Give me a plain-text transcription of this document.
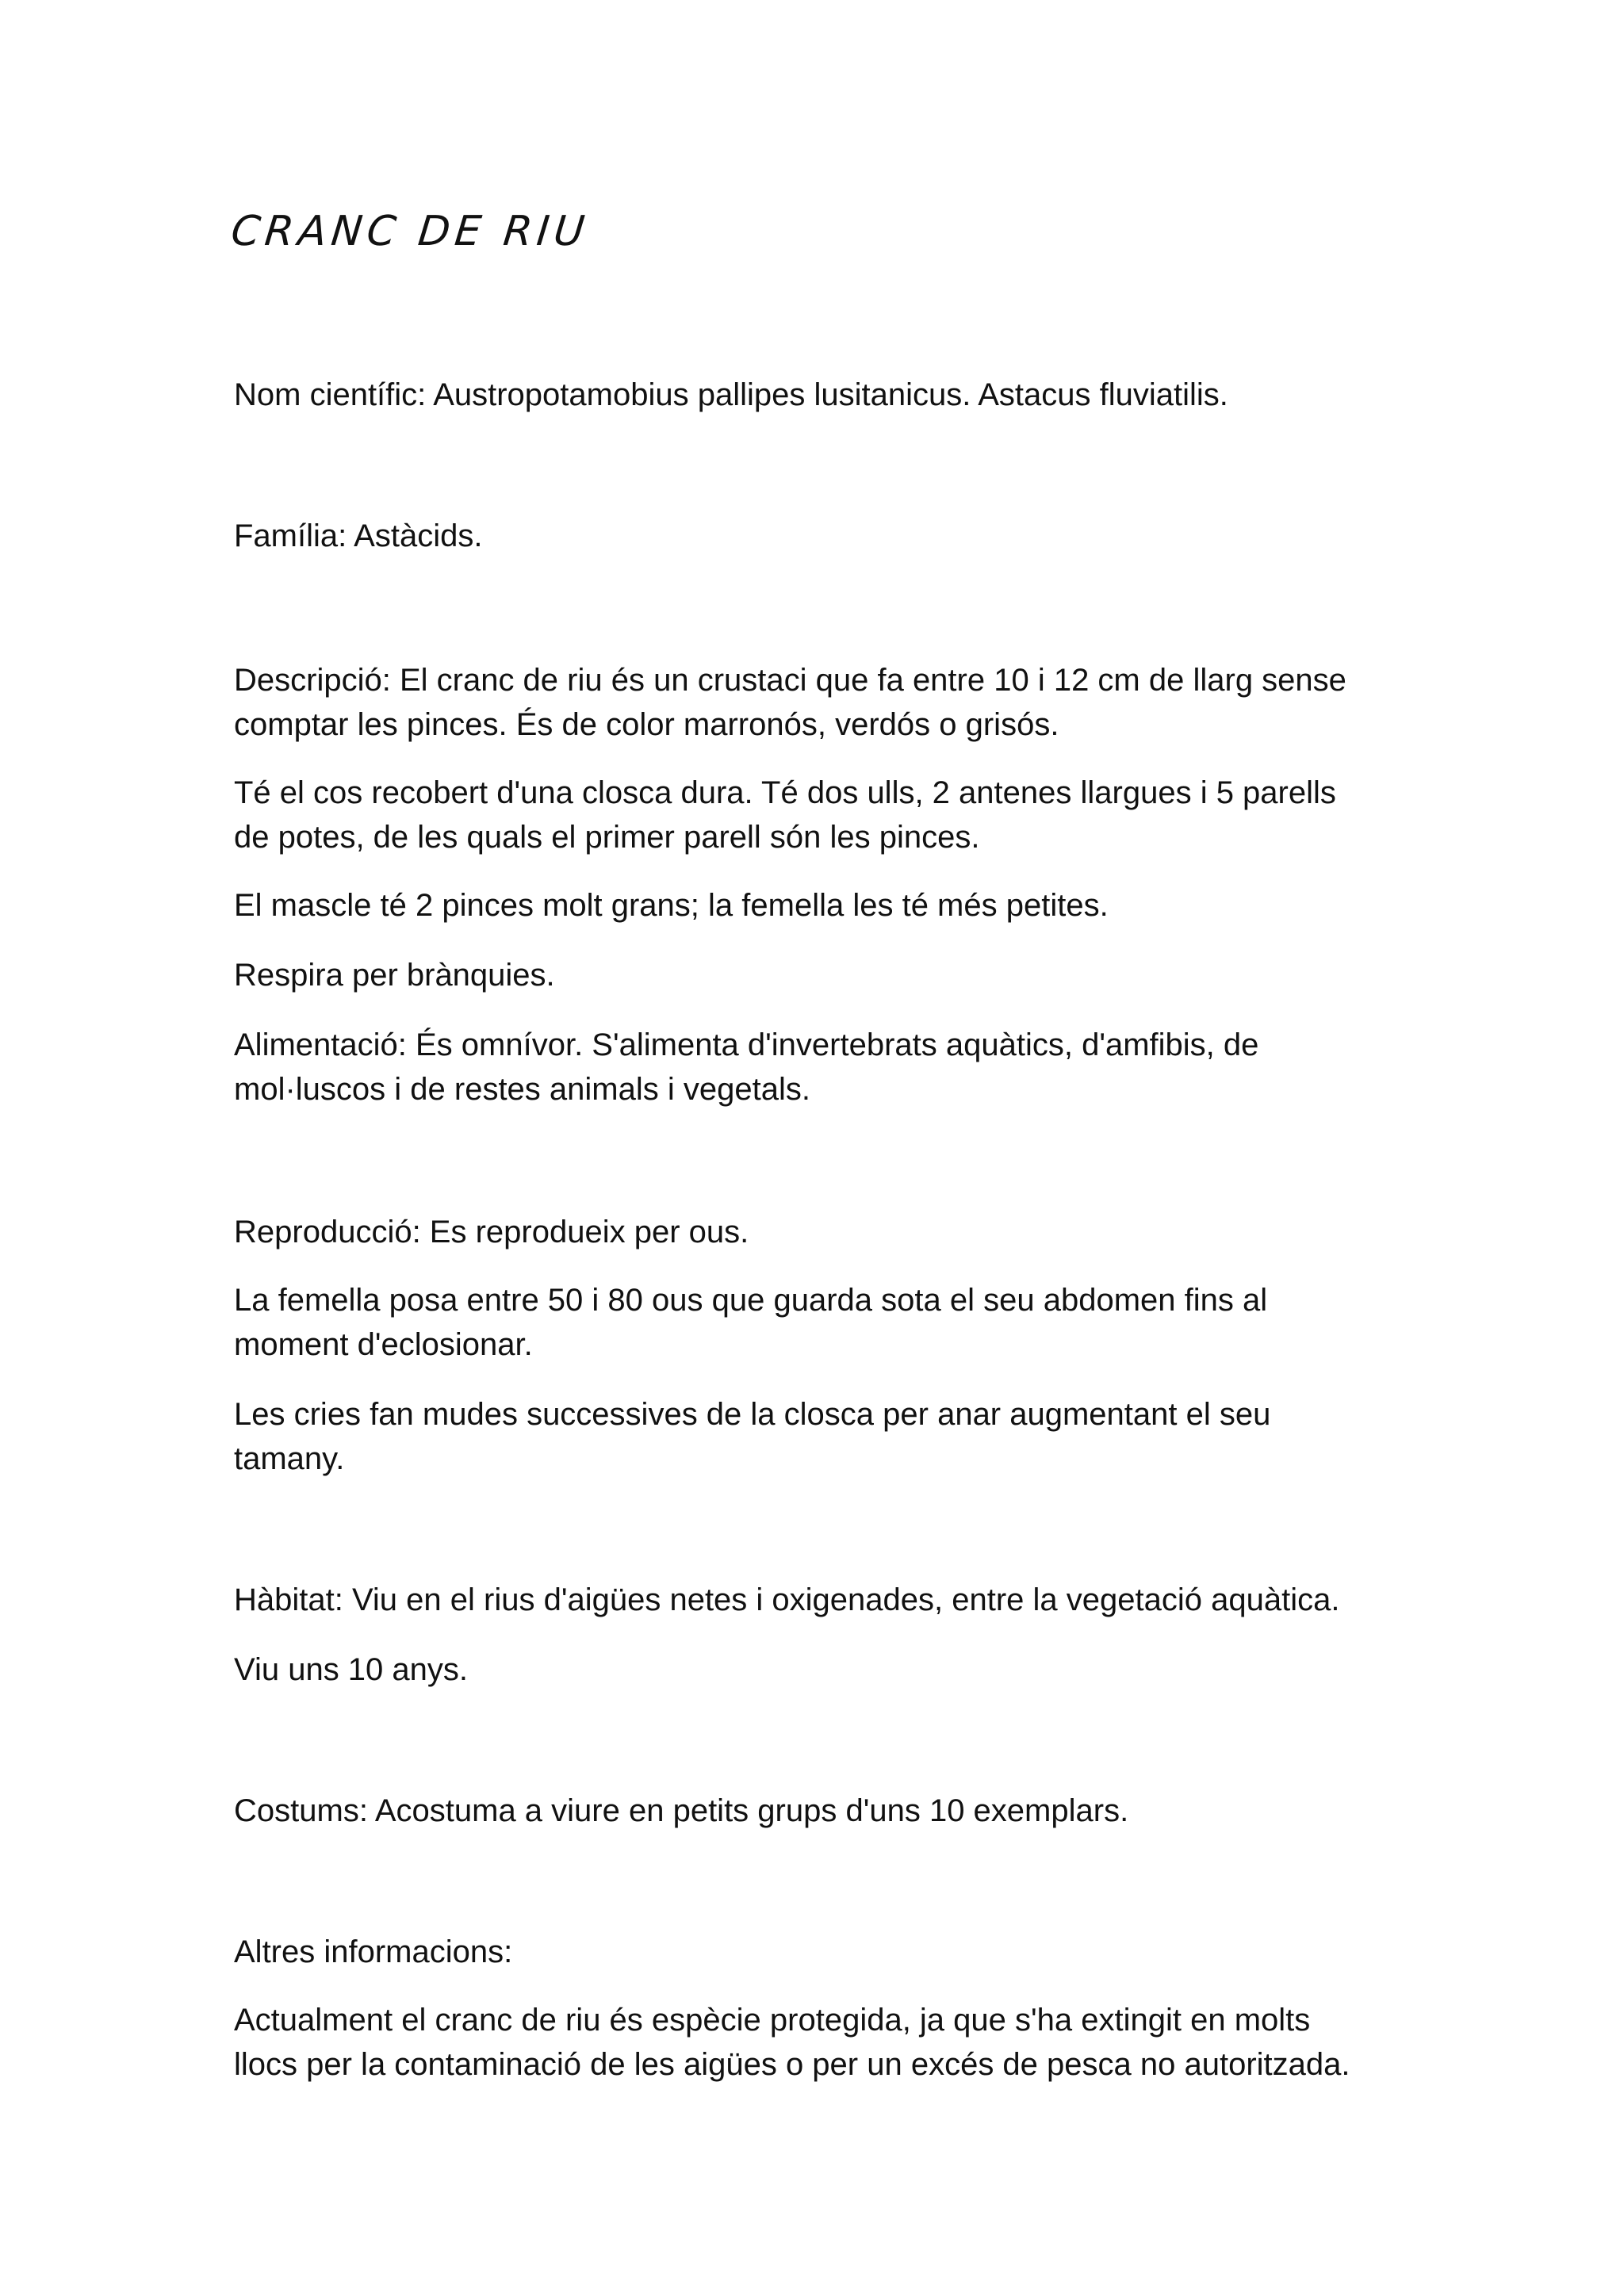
CRANC DE RIU

Nom científic: Austropotamobius pallipes lusitanicus. Astacus fluviatilis.

Família: Astàcids.

Descripció: El cranc de riu és un crustaci que fa entre 10 i 12 cm de llarg sense

comptar les pinces. És de color marronós, verdós o grisós.

Té el cos recobert d'una closca dura. Té dos ulls, 2 antenes llargues i 5 parells

de potes, de les quals el primer parell són les pinces.

El mascle té 2 pinces molt grans; la femella les té més petites.

Respira per brànquies.

Alimentació: És omnívor. S'alimenta d'invertebrats aquàtics, d'amfibis, de

mol·luscos i de restes animals i vegetals.

Reproducció: Es reprodueix per ous.

La femella posa entre 50 i 80 ous que guarda sota el seu abdomen fins al

moment d'eclosionar.

Les cries fan mudes successives de la closca per anar augmentant el seu

tamany.

Hàbitat: Viu en el rius d'aigües netes i oxigenades, entre la vegetació aquàtica.

Viu uns 10 anys.

Costums: Acostuma a viure en petits grups d'uns 10 exemplars.

Altres informacions:

Actualment el cranc de riu és espècie protegida, ja que s'ha extingit en molts

llocs per la contaminació de les aigües o per un excés de pesca no autoritzada.
